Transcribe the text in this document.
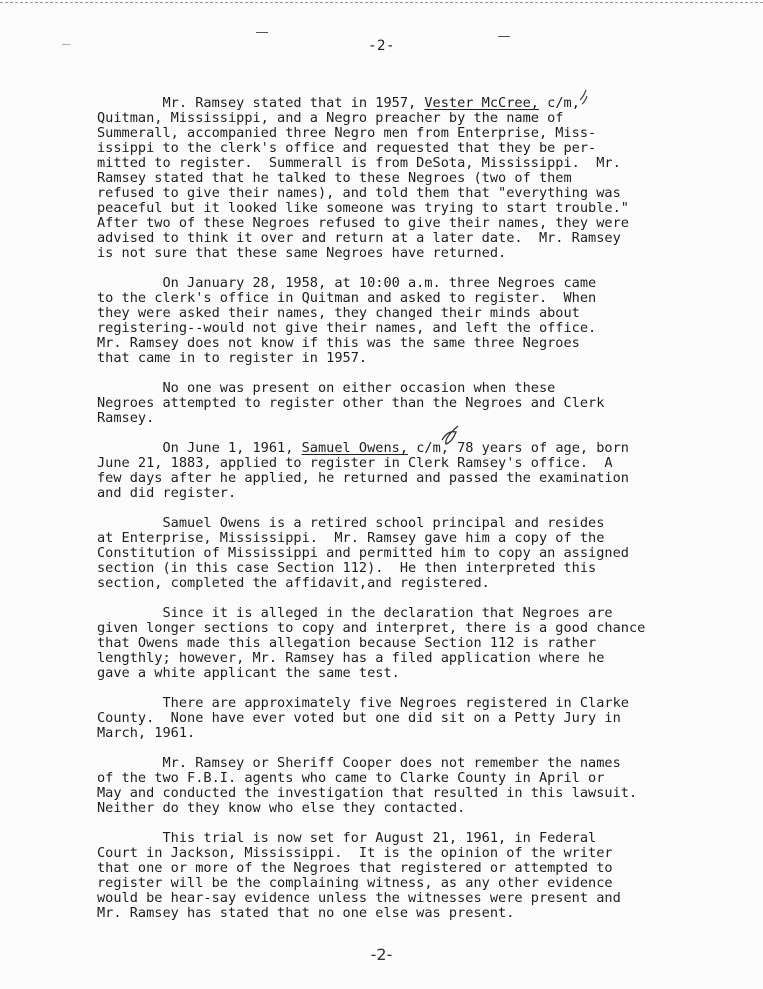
-2-
Mr. Ramsey stated that in 1957, Vester McCree, c/m,
Quitman, Mississippi, and a Negro preacher by the name of
Summerall, accompanied three Negro men from Enterprise, Miss-
issippi to the clerk's office and requested that they be per-
mitted to register.  Summerall is from DeSota, Mississippi.  Mr.
Ramsey stated that he talked to these Negroes (two of them
refused to give their names), and told them that "everything was
peaceful but it looked like someone was trying to start trouble."
After two of these Negroes refused to give their names, they were
advised to think it over and return at a later date.  Mr. Ramsey
is not sure that these same Negroes have returned.
On January 28, 1958, at 10:00 a.m. three Negroes came
to the clerk's office in Quitman and asked to register.  When
they were asked their names, they changed their minds about
registering--would not give their names, and left the office.
Mr. Ramsey does not know if this was the same three Negroes
that came in to register in 1957.
No one was present on either occasion when these
Negroes attempted to register other than the Negroes and Clerk
Ramsey.
On June 1, 1961, Samuel Owens, c/m, 78 years of age, born
June 21, 1883, applied to register in Clerk Ramsey's office.  A
few days after he applied, he returned and passed the examination
and did register.
Samuel Owens is a retired school principal and resides
at Enterprise, Mississippi.  Mr. Ramsey gave him a copy of the
Constitution of Mississippi and permitted him to copy an assigned
section (in this case Section 112).  He then interpreted this
section, completed the affidavit,and registered.
Since it is alleged in the declaration that Negroes are
given longer sections to copy and interpret, there is a good chance
that Owens made this allegation because Section 112 is rather
lengthly; however, Mr. Ramsey has a filed application where he
gave a white applicant the same test.
There are approximately five Negroes registered in Clarke
County.  None have ever voted but one did sit on a Petty Jury in
March, 1961.
Mr. Ramsey or Sheriff Cooper does not remember the names
of the two F.B.I. agents who came to Clarke County in April or
May and conducted the investigation that resulted in this lawsuit.
Neither do they know who else they contacted.
This trial is now set for August 21, 1961, in Federal
Court in Jackson, Mississippi.  It is the opinion of the writer
that one or more of the Negroes that registered or attempted to
register will be the complaining witness, as any other evidence
would be hear-say evidence unless the witnesses were present and
Mr. Ramsey has stated that no one else was present.
-2-
